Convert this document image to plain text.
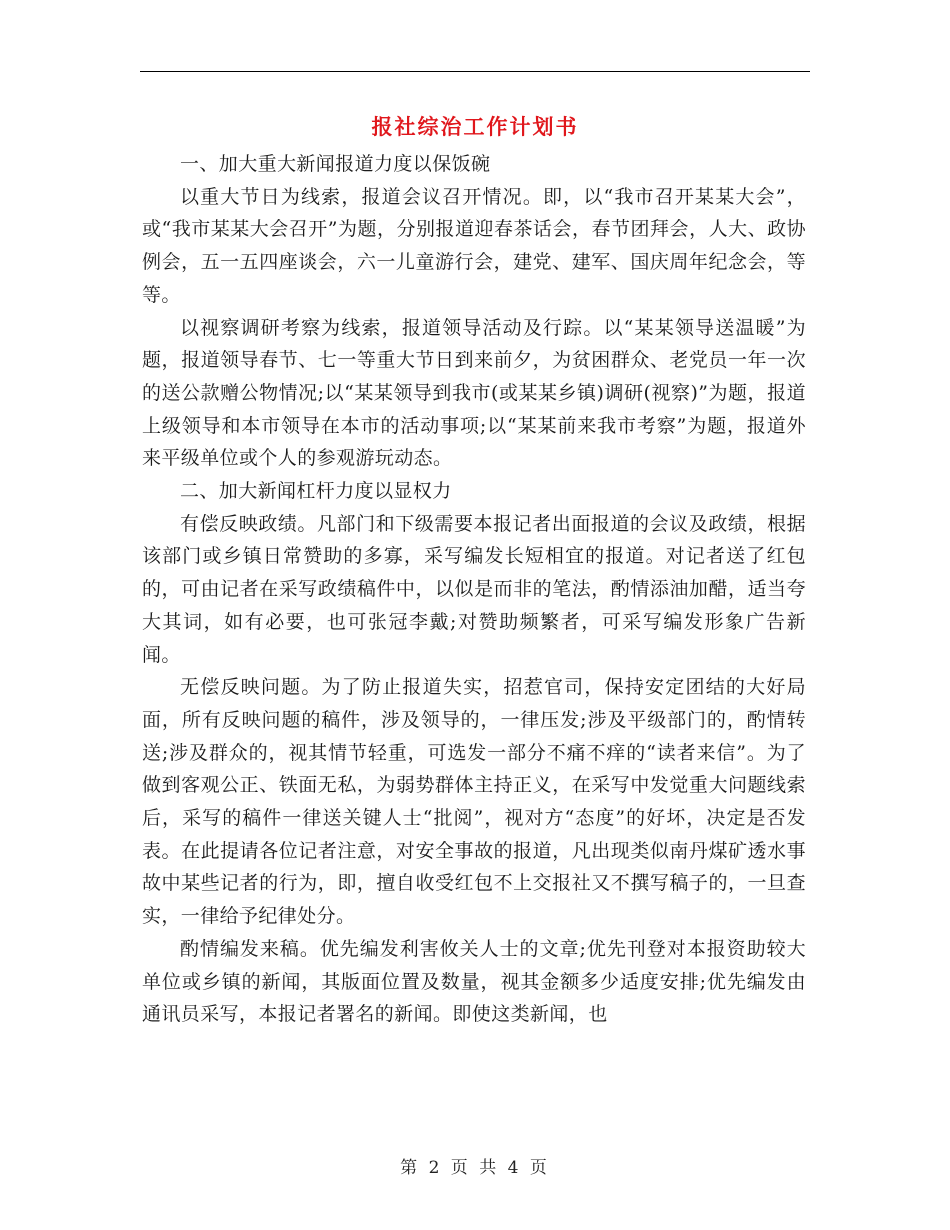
报社综治工作计划书

一、加大重大新闻报道力度以保饭碗

以重大节日为线索，报道会议召开情况。即，以“我市召开某某大会”，或“我市某某大会召开”为题，分别报道迎春茶话会，春节团拜会，人大、政协例会，五一五四座谈会，六一儿童游行会，建党、建军、国庆周年纪念会，等等。

以视察调研考察为线索，报道领导活动及行踪。以“某某领导送温暖”为题，报道领导春节、七一等重大节日到来前夕，为贫困群众、老党员一年一次的送公款赠公物情况;以“某某领导到我市(或某某乡镇)调研(视察)”为题，报道上级领导和本市领导在本市的活动事项;以“某某前来我市考察”为题，报道外来平级单位或个人的参观游玩动态。

二、加大新闻杠杆力度以显权力

有偿反映政绩。凡部门和下级需要本报记者出面报道的会议及政绩，根据该部门或乡镇日常赞助的多寡，采写编发长短相宜的报道。对记者送了红包的，可由记者在采写政绩稿件中，以似是而非的笔法，酌情添油加醋，适当夸大其词，如有必要，也可张冠李戴;对赞助频繁者，可采写编发形象广告新闻。

无偿反映问题。为了防止报道失实，招惹官司，保持安定团结的大好局面，所有反映问题的稿件，涉及领导的，一律压发;涉及平级部门的，酌情转送;涉及群众的，视其情节轻重，可选发一部分不痛不痒的“读者来信”。为了做到客观公正、铁面无私，为弱势群体主持正义，在采写中发觉重大问题线索后，采写的稿件一律送关键人士“批阅”，视对方“态度”的好坏，决定是否发表。在此提请各位记者注意，对安全事故的报道，凡出现类似南丹煤矿透水事故中某些记者的行为，即，擅自收受红包不上交报社又不撰写稿子的，一旦查实，一律给予纪律处分。

酌情编发来稿。优先编发利害攸关人士的文章;优先刊登对本报资助较大单位或乡镇的新闻，其版面位置及数量，视其金额多少适度安排;优先编发由通讯员采写，本报记者署名的新闻。即使这类新闻，也

第 2 页 共 4 页
